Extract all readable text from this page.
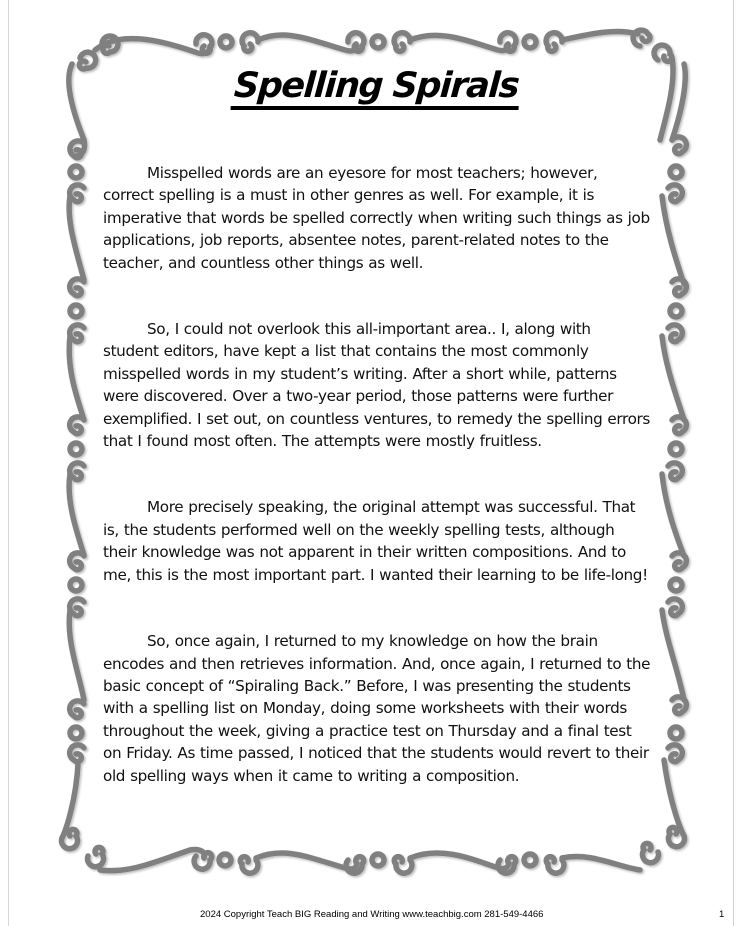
Spelling Spirals

Misspelled words are an eyesore for most teachers; however, correct spelling is a must in other genres as well. For example, it is imperative that words be spelled correctly when writing such things as job applications, job reports, absentee notes, parent-related notes to the teacher, and countless other things as well.

So, I could not overlook this all-important area.. I, along with student editors, have kept a list that contains the most commonly misspelled words in my student’s writing. After a short while, patterns were discovered. Over a two-year period, those patterns were further exemplified. I set out, on countless ventures, to remedy the spelling errors that I found most often. The attempts were mostly fruitless.

More precisely speaking, the original attempt was successful. That is, the students performed well on the weekly spelling tests, although their knowledge was not apparent in their written compositions. And to me, this is the most important part. I wanted their learning to be life-long!

So, once again, I returned to my knowledge on how the brain encodes and then retrieves information. And, once again, I returned to the basic concept of “Spiraling Back.” Before, I was presenting the students with a spelling list on Monday, doing some worksheets with their words throughout the week, giving a practice test on Thursday and a final test on Friday. As time passed, I noticed that the students would revert to their old spelling ways when it came to writing a composition.

2024 Copyright Teach BIG Reading and Writing www.teachbig.com 281-549-4466	1
